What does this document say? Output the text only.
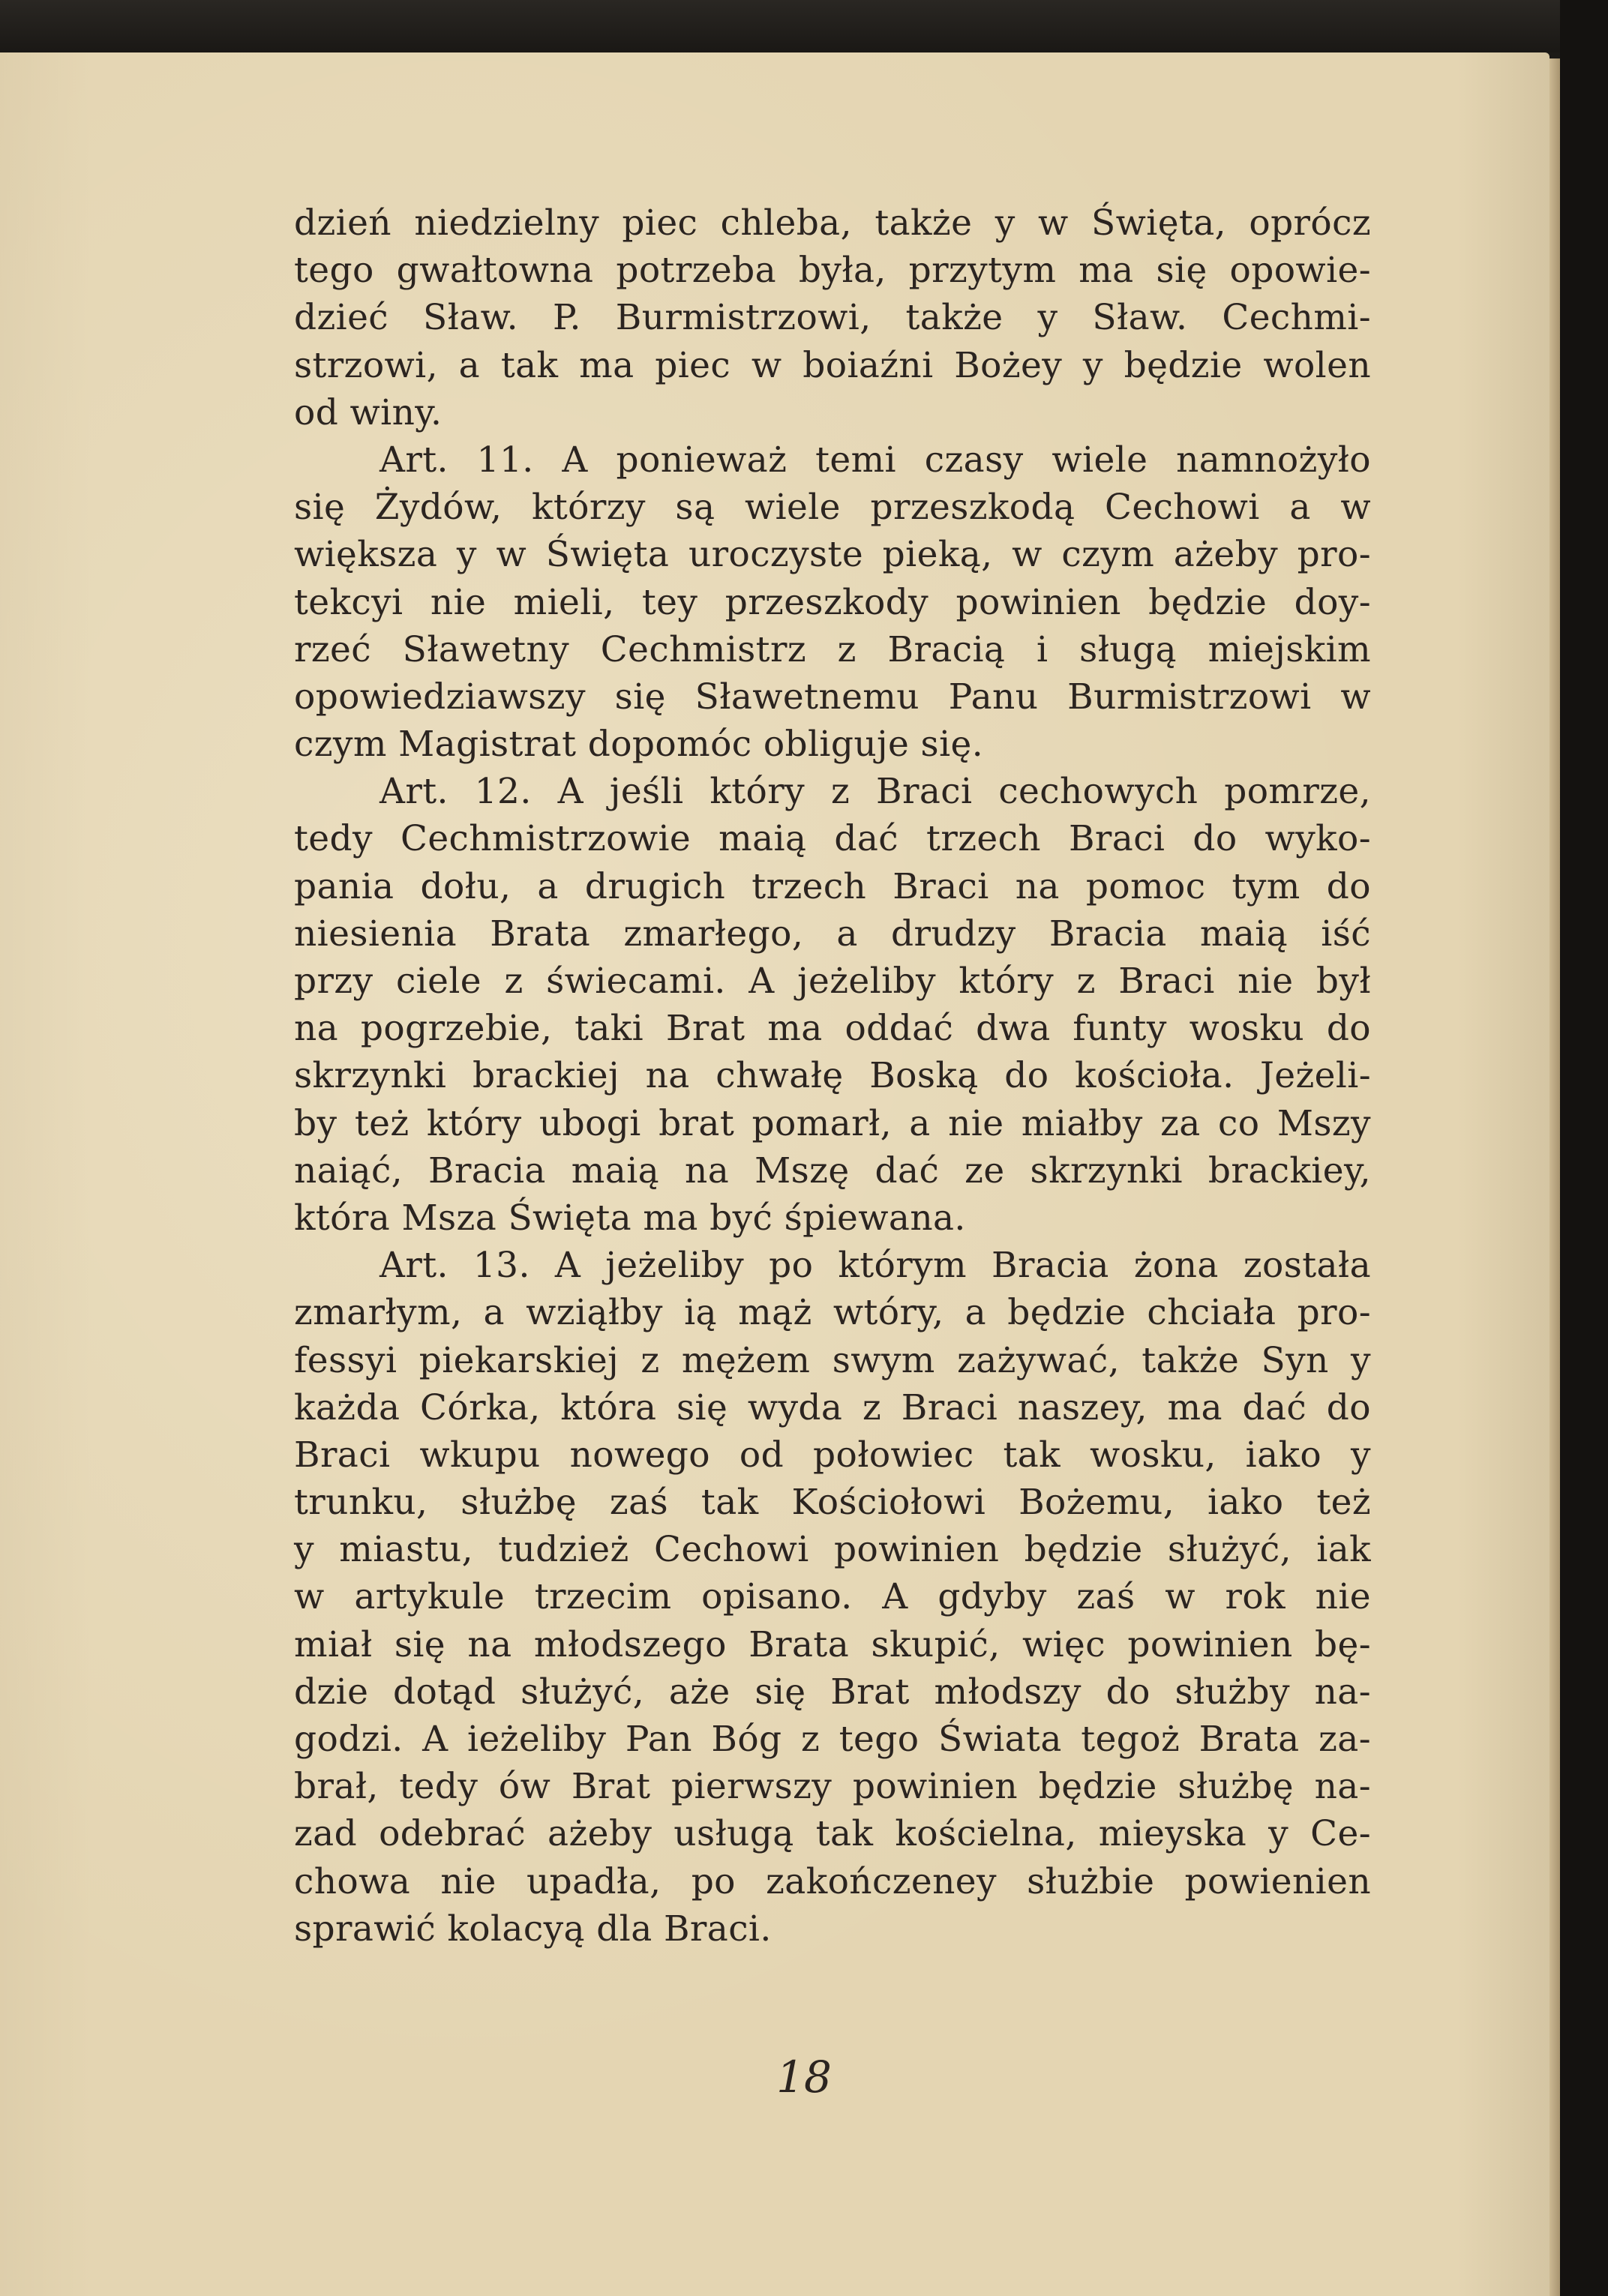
dzień niedzielny piec chleba, także y w Święta, oprócz
tego gwałtowna potrzeba była, przytym ma się opowie-
dzieć Sław. P. Burmistrzowi, także y Sław. Cechmi-
strzowi, a tak ma piec w boiaźni Bożey y będzie wolen
od winy.
Art. 11. A ponieważ temi czasy wiele namnożyło
się Żydów, którzy są wiele przeszkodą Cechowi a w
większa y w Święta uroczyste pieką, w czym ażeby pro-
tekcyi nie mieli, tey przeszkody powinien będzie doy-
rzeć Sławetny Cechmistrz z Bracią i sługą miejskim
opowiedziawszy się Sławetnemu Panu Burmistrzowi w
czym Magistrat dopomóc obliguje się.
Art. 12. A jeśli który z Braci cechowych pomrze,
tedy Cechmistrzowie maią dać trzech Braci do wyko-
pania dołu, a drugich trzech Braci na pomoc tym do
niesienia Brata zmarłego, a drudzy Bracia maią iść
przy ciele z świecami. A jeżeliby który z Braci nie był
na pogrzebie, taki Brat ma oddać dwa funty wosku do
skrzynki brackiej na chwałę Boską do kościoła. Jeżeli-
by też który ubogi brat pomarł, a nie miałby za co Mszy
naiąć, Bracia maią na Mszę dać ze skrzynki brackiey,
która Msza Święta ma być śpiewana.
Art. 13. A jeżeliby po którym Bracia żona została
zmarłym, a wziąłby ią mąż wtóry, a będzie chciała pro-
fessyi piekarskiej z mężem swym zażywać, także Syn y
każda Córka, która się wyda z Braci naszey, ma dać do
Braci wkupu nowego od połowiec tak wosku, iako y
trunku, służbę zaś tak Kościołowi Bożemu, iako też
y miastu, tudzież Cechowi powinien będzie służyć, iak
w artykule trzecim opisano. A gdyby zaś w rok nie
miał się na młodszego Brata skupić, więc powinien bę-
dzie dotąd służyć, aże się Brat młodszy do służby na-
godzi. A ieżeliby Pan Bóg z tego Świata tegoż Brata za-
brał, tedy ów Brat pierwszy powinien będzie służbę na-
zad odebrać ażeby usługą tak kościelna, mieyska y Ce-
chowa nie upadła, po zakończeney służbie powienien
sprawić kolacyą dla Braci.
18
